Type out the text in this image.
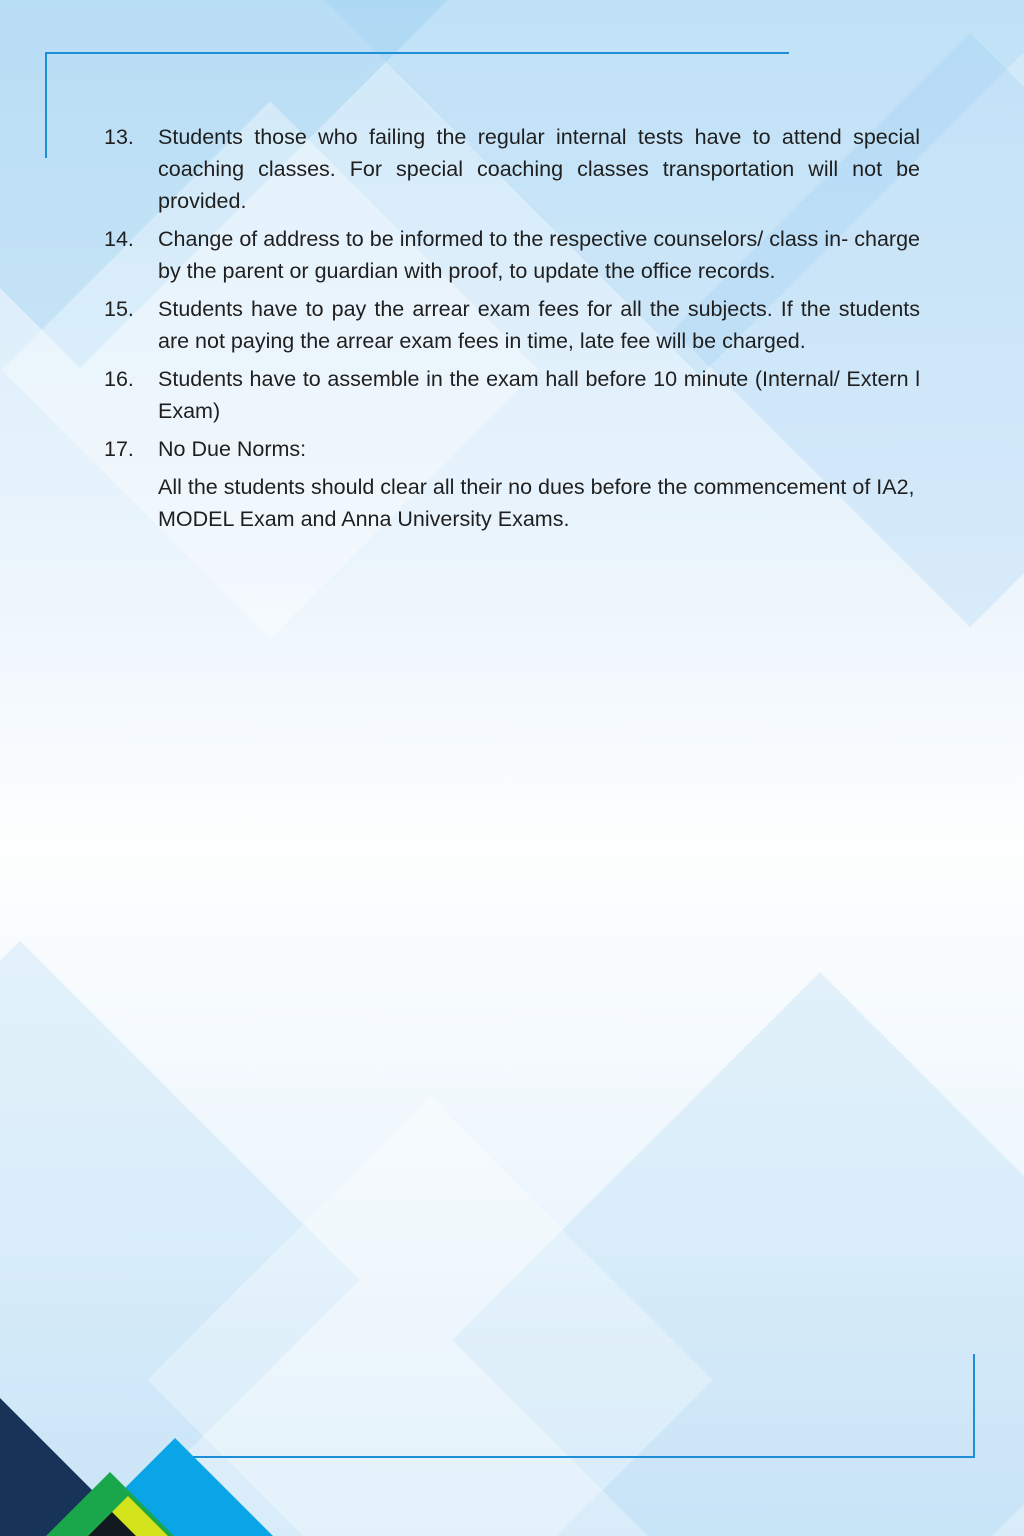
13.	Students those who failing the regular internal tests have to attend special coaching classes. For special coaching classes transportation will not be provided.
14.	Change of address to be informed to the respective counselors/ class in- charge by the parent or guardian with proof, to update the office records.
15.	Students have to pay the arrear exam fees for all the subjects. If the students are not paying the arrear exam fees in time, late fee will be charged.
16.	Students have to assemble in the exam hall before 10 minute (Internal/ Extern l Exam)
17.	No Due Norms:
All the students should clear all their no dues before the commencement of IA2, MODEL Exam and Anna University Exams.
